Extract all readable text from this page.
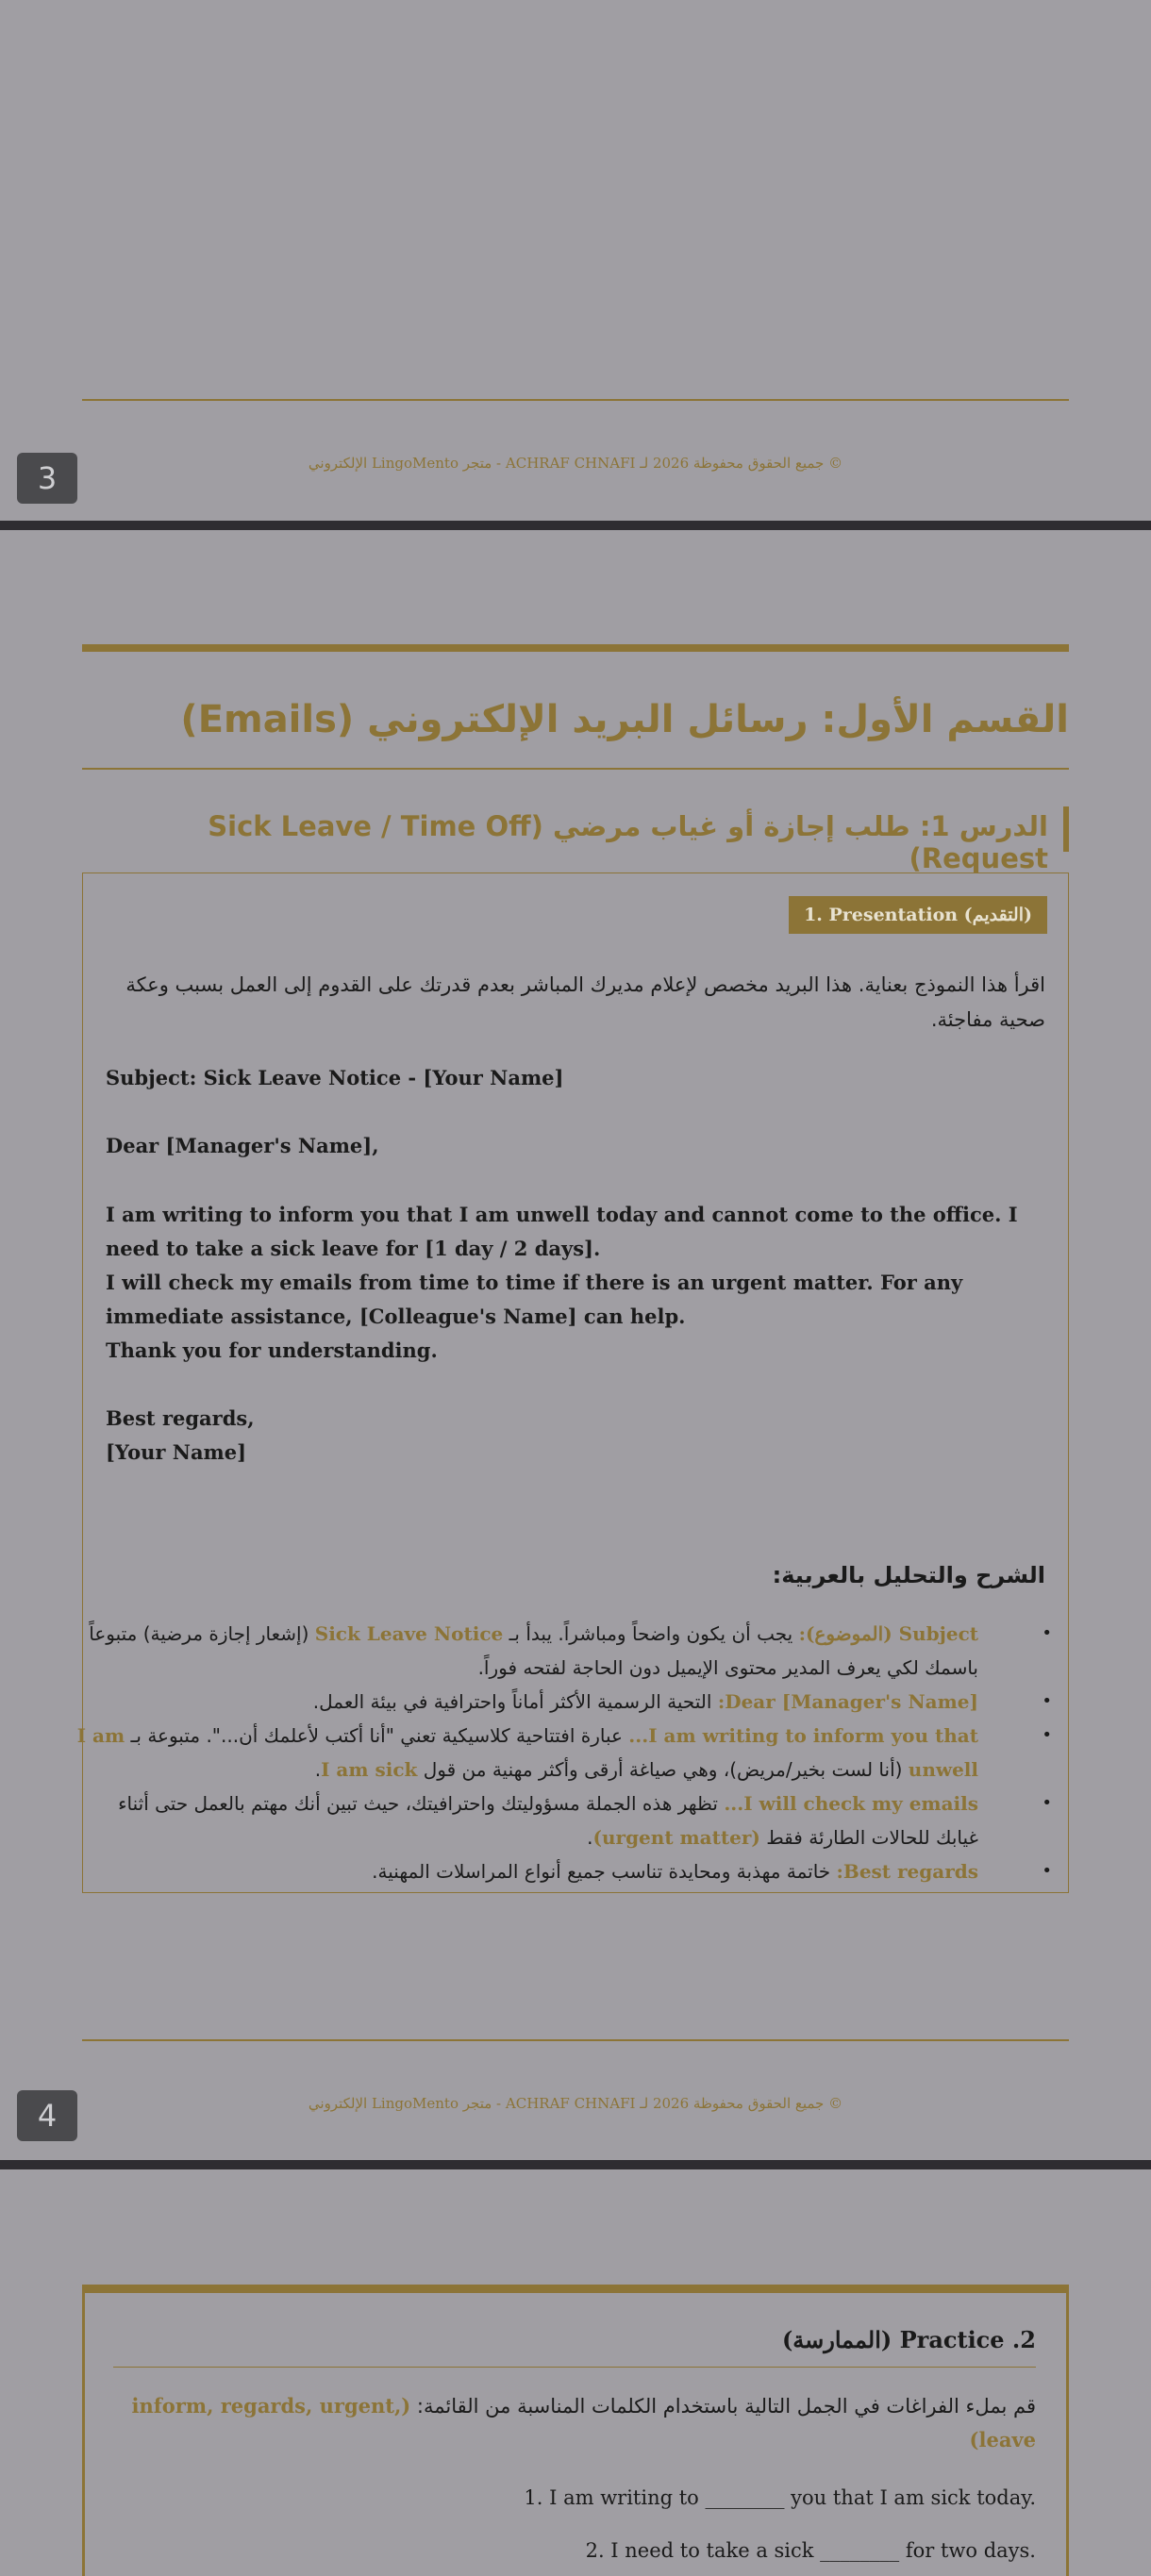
© جميع الحقوق محفوظة 2026 لـ ACHRAF CHNAFI - متجر LingoMento الإلكتروني
3
القسم الأول: رسائل البريد الإلكتروني (Emails)
الدرس 1: طلب إجازة أو غياب مرضي (Sick Leave / Time Off Request)
1. Presentation (التقديم)
اقرأ هذا النموذج بعناية. هذا البريد مخصص لإعلام مديرك المباشر بعدم قدرتك على القدوم إلى العمل بسبب وعكة صحية مفاجئة.
Subject: Sick Leave Notice - [Your Name]
Dear [Manager's Name],
I am writing to inform you that I am unwell today and cannot come to the office. I need to take a sick leave for [1 day / 2 days].
I will check my emails from time to time if there is an urgent matter. For any immediate assistance, [Colleague's Name] can help.
Thank you for understanding.
Best regards,
[Your Name]
الشرح والتحليل بالعربية:
• Subject (الموضوع): يجب أن يكون واضحاً ومباشراً. يبدأ بـ Sick Leave Notice (إشعار إجازة مرضية) متبوعاً باسمك لكي يعرف المدير محتوى الإيميل دون الحاجة لفتحه فوراً.
• Dear [Manager's Name]: التحية الرسمية الأكثر أماناً واحترافية في بيئة العمل.
• I am writing to inform you that... عبارة افتتاحية كلاسيكية تعني "أنا أكتب لأعلمك أن...". متبوعة بـ I am unwell (أنا لست بخير/مريض)، وهي صياغة أرقى وأكثر مهنية من قول I am sick.
• I will check my emails... تظهر هذه الجملة مسؤوليتك واحترافيتك، حيث تبين أنك مهتم بالعمل حتى أثناء غيابك للحالات الطارئة فقط (urgent matter).
• Best regards: خاتمة مهذبة ومحايدة تناسب جميع أنواع المراسلات المهنية.
© جميع الحقوق محفوظة 2026 لـ ACHRAF CHNAFI - متجر LingoMento الإلكتروني
4
2. Practice (الممارسة)
قم بملء الفراغات في الجمل التالية باستخدام الكلمات المناسبة من القائمة: (inform, regards, urgent, leave)
1. I am writing to ________ you that I am sick today.
2. I need to take a sick ________ for two days.
